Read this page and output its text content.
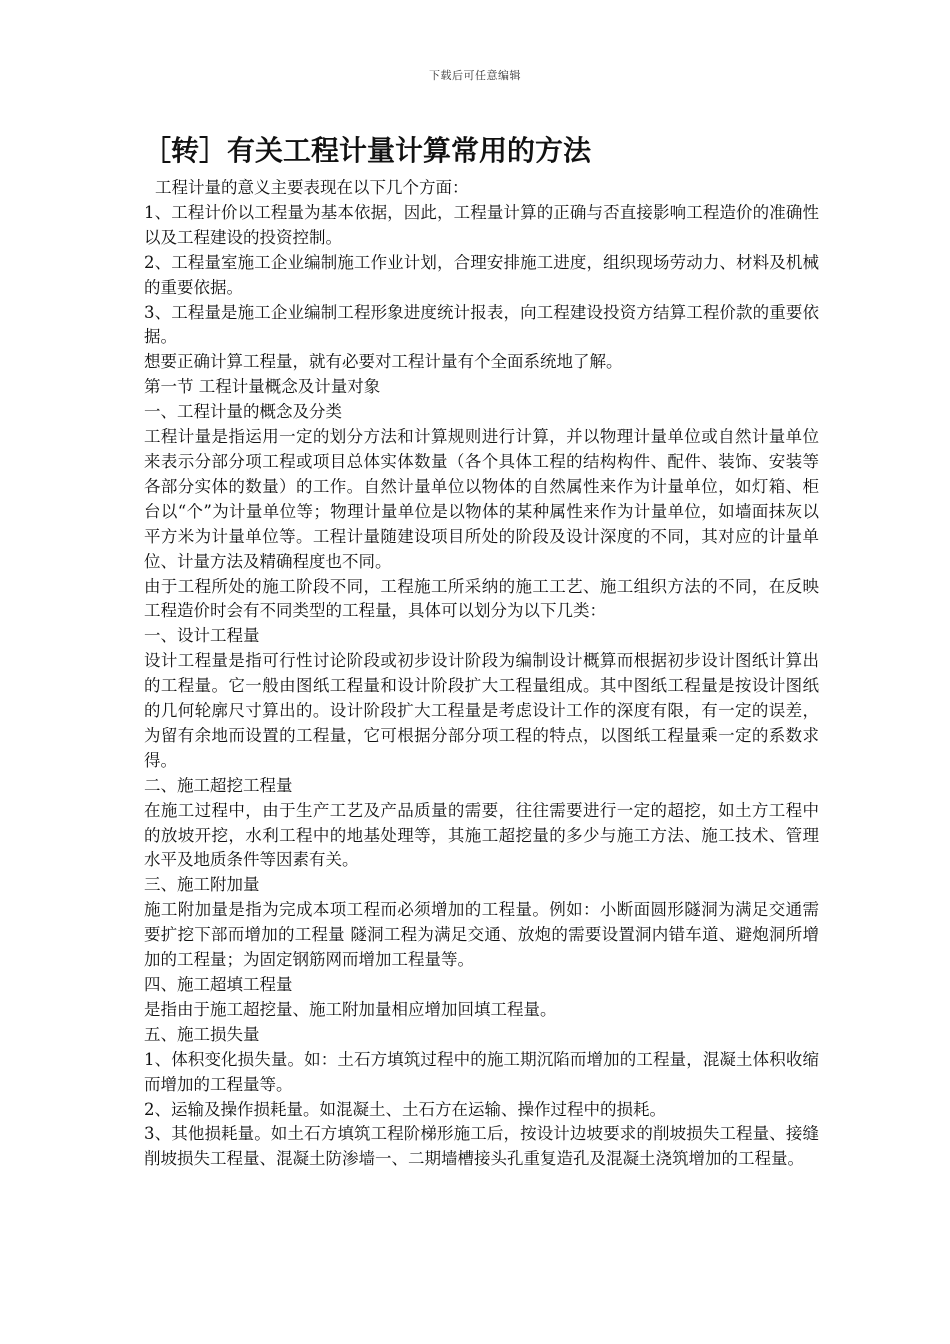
下载后可任意编辑
［转］有关工程计量计算常用的方法

工程计量的意义主要表现在以下几个方面：

1、工程计价以工程量为基本依据，因此，工程量计算的正确与否直接影响工程造价的准确性以及工程建设的投资控制。

2、工程量室施工企业编制施工作业计划，合理安排施工进度，组织现场劳动力、材料及机械的重要依据。

3、工程量是施工企业编制工程形象进度统计报表，向工程建设投资方结算工程价款的重要依据。

想要正确计算工程量，就有必要对工程计量有个全面系统地了解。

第一节 工程计量概念及计量对象

一、工程计量的概念及分类

工程计量是指运用一定的划分方法和计算规则进行计算，并以物理计量单位或自然计量单位来表示分部分项工程或项目总体实体数量（各个具体工程的结构构件、配件、装饰、安装等各部分实体的数量）的工作。自然计量单位以物体的自然属性来作为计量单位，如灯箱、柜台以“个”为计量单位等；物理计量单位是以物体的某种属性来作为计量单位，如墙面抹灰以平方米为计量单位等。工程计量随建设项目所处的阶段及设计深度的不同，其对应的计量单位、计量方法及精确程度也不同。

由于工程所处的施工阶段不同，工程施工所采纳的施工工艺、施工组织方法的不同，在反映工程造价时会有不同类型的工程量，具体可以划分为以下几类：

一、设计工程量

设计工程量是指可行性讨论阶段或初步设计阶段为编制设计概算而根据初步设计图纸计算出的工程量。它一般由图纸工程量和设计阶段扩大工程量组成。其中图纸工程量是按设计图纸的几何轮廓尺寸算出的。设计阶段扩大工程量是考虑设计工作的深度有限，有一定的误差，为留有余地而设置的工程量，它可根据分部分项工程的特点，以图纸工程量乘一定的系数求得。

二、施工超挖工程量

在施工过程中，由于生产工艺及产品质量的需要，往往需要进行一定的超挖，如土方工程中的放坡开挖，水利工程中的地基处理等，其施工超挖量的多少与施工方法、施工技术、管理水平及地质条件等因素有关。

三、施工附加量

施工附加量是指为完成本项工程而必须增加的工程量。例如：小断面圆形隧洞为满足交通需要扩挖下部而增加的工程量 隧洞工程为满足交通、放炮的需要设置洞内错车道、避炮洞所增加的工程量；为固定钢筋网而增加工程量等。

四、施工超填工程量

是指由于施工超挖量、施工附加量相应增加回填工程量。

五、施工损失量

1、体积变化损失量。如：土石方填筑过程中的施工期沉陷而增加的工程量，混凝土体积收缩而增加的工程量等。

2、运输及操作损耗量。如混凝土、土石方在运输、操作过程中的损耗。

3、其他损耗量。如土石方填筑工程阶梯形施工后，按设计边坡要求的削坡损失工程量、接缝削坡损失工程量、混凝土防渗墙一、二期墙槽接头孔重复造孔及混凝土浇筑增加的工程量。
